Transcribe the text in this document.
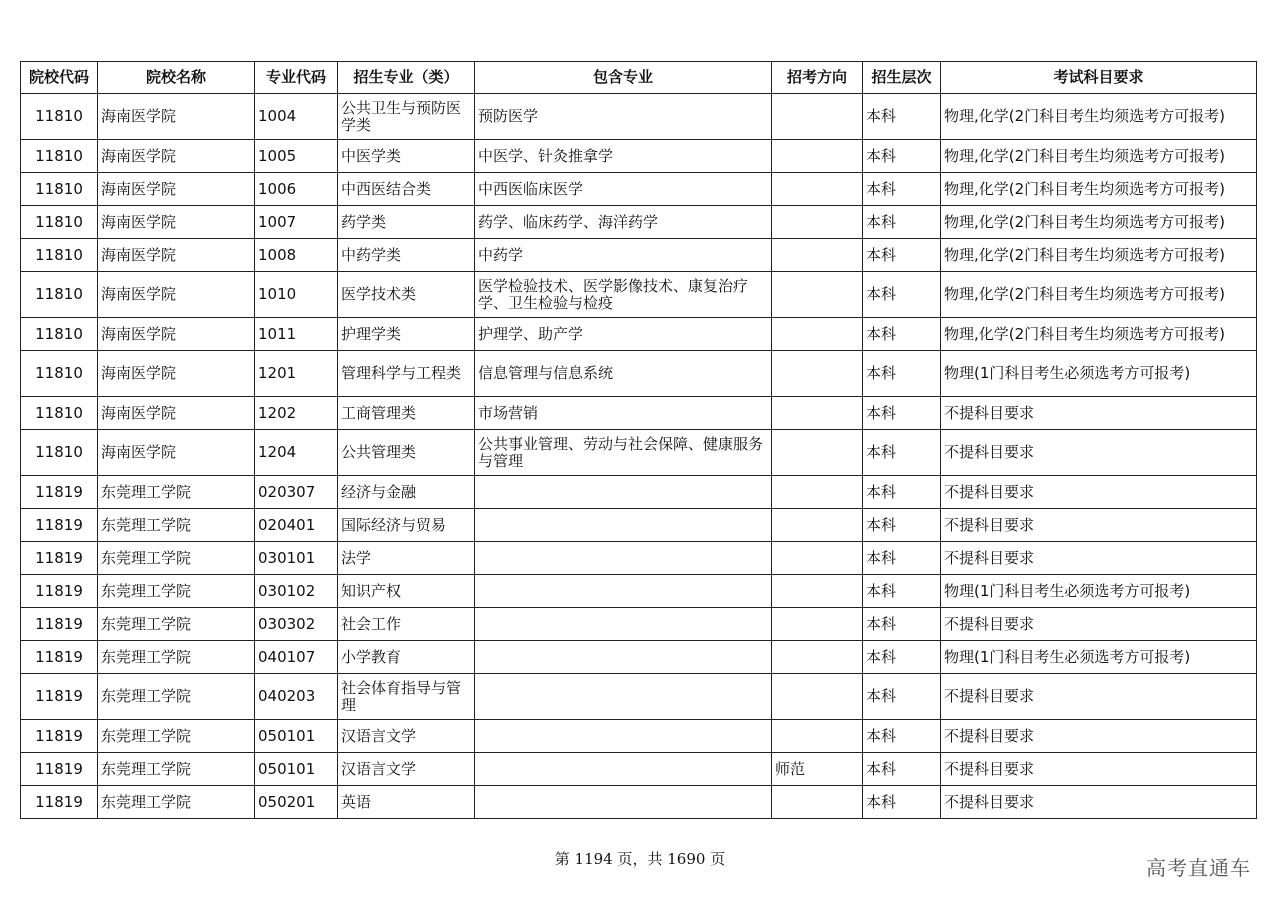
院校代码	院校名称	专业代码	招生专业（类）	包含专业	招考方向	招生层次	考试科目要求
11810	海南医学院	1004	公共卫生与预防医学类	预防医学		本科	物理,化学(2门科目考生均须选考方可报考)
11810	海南医学院	1005	中医学类	中医学、针灸推拿学		本科	物理,化学(2门科目考生均须选考方可报考)
11810	海南医学院	1006	中西医结合类	中西医临床医学		本科	物理,化学(2门科目考生均须选考方可报考)
11810	海南医学院	1007	药学类	药学、临床药学、海洋药学		本科	物理,化学(2门科目考生均须选考方可报考)
11810	海南医学院	1008	中药学类	中药学		本科	物理,化学(2门科目考生均须选考方可报考)
11810	海南医学院	1010	医学技术类	医学检验技术、医学影像技术、康复治疗学、卫生检验与检疫		本科	物理,化学(2门科目考生均须选考方可报考)
11810	海南医学院	1011	护理学类	护理学、助产学		本科	物理,化学(2门科目考生均须选考方可报考)
11810	海南医学院	1201	管理科学与工程类	信息管理与信息系统		本科	物理(1门科目考生必须选考方可报考)
11810	海南医学院	1202	工商管理类	市场营销		本科	不提科目要求
11810	海南医学院	1204	公共管理类	公共事业管理、劳动与社会保障、健康服务与管理		本科	不提科目要求
11819	东莞理工学院	020307	经济与金融			本科	不提科目要求
11819	东莞理工学院	020401	国际经济与贸易			本科	不提科目要求
11819	东莞理工学院	030101	法学			本科	不提科目要求
11819	东莞理工学院	030102	知识产权			本科	物理(1门科目考生必须选考方可报考)
11819	东莞理工学院	030302	社会工作			本科	不提科目要求
11819	东莞理工学院	040107	小学教育			本科	物理(1门科目考生必须选考方可报考)
11819	东莞理工学院	040203	社会体育指导与管理			本科	不提科目要求
11819	东莞理工学院	050101	汉语言文学			本科	不提科目要求
11819	东莞理工学院	050101	汉语言文学		师范	本科	不提科目要求
11819	东莞理工学院	050201	英语			本科	不提科目要求
第 1194 页，共 1690 页	高考直通车
